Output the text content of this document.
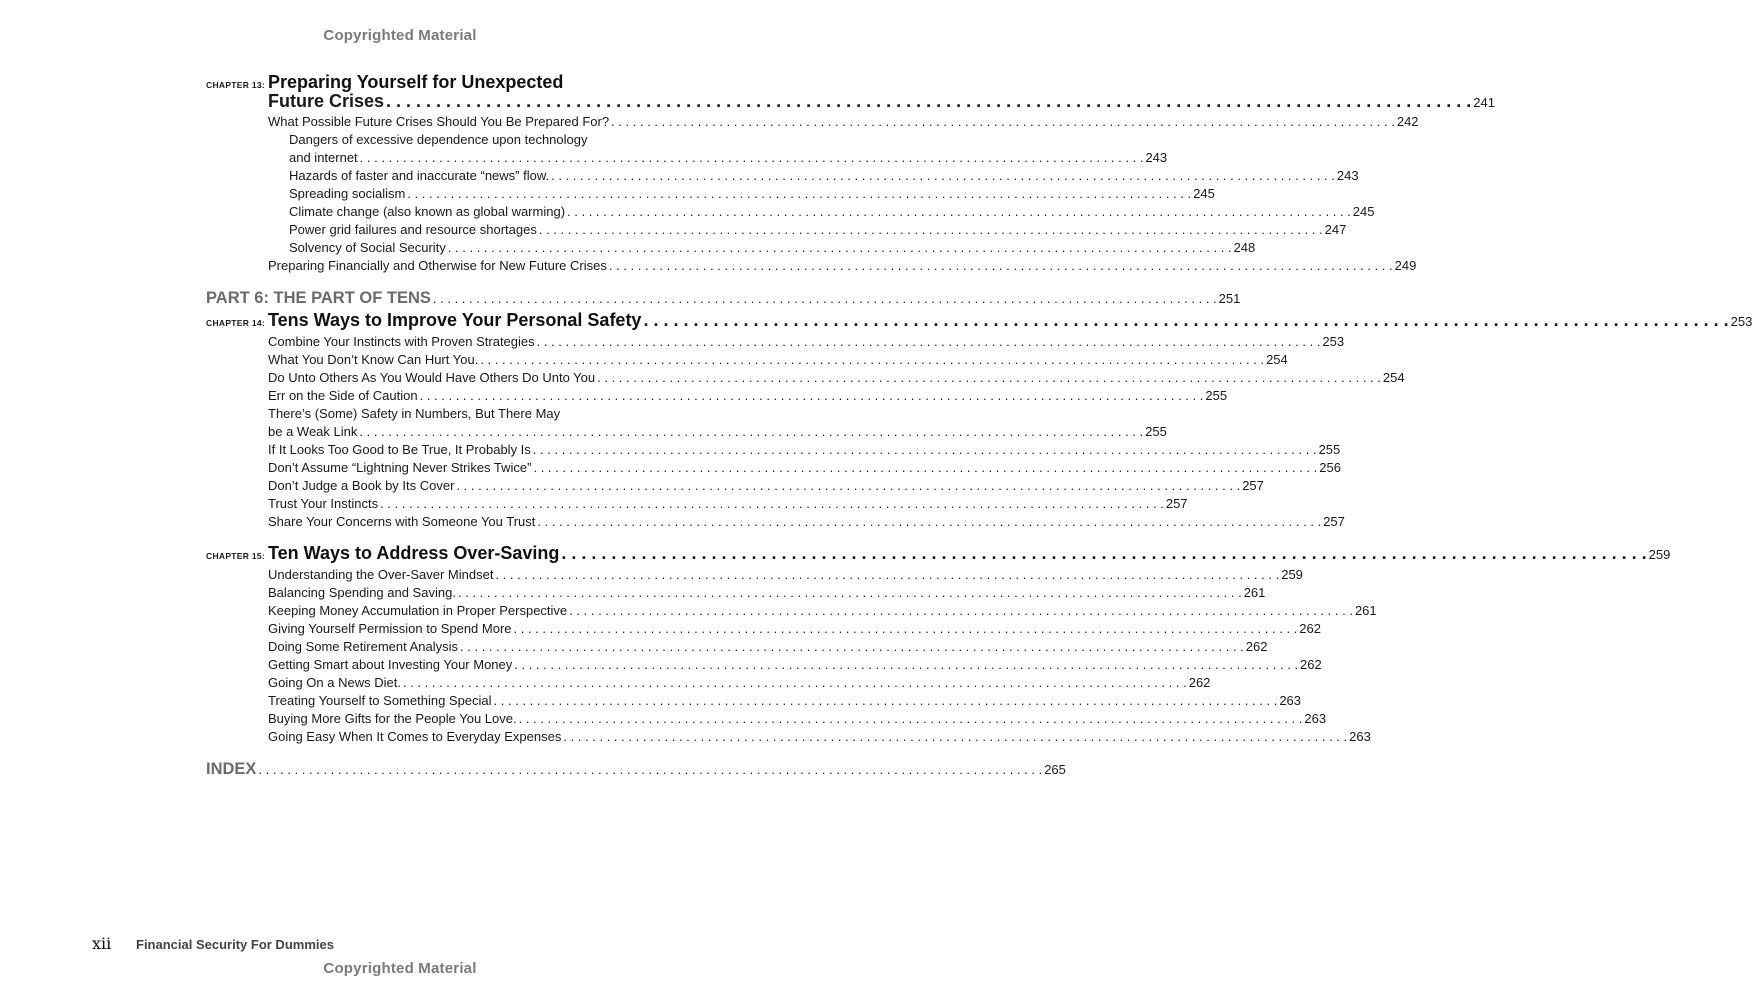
Copyrighted Material
CHAPTER 13: Preparing Yourself for Unexpected
Future Crises . . .	241
What Possible Future Crises Should You Be Prepared For? . . .	242
Dangers of excessive dependence upon technology
and internet . . .	243
Hazards of faster and inaccurate “news” flow. . . .	243
Spreading socialism . . .	245
Climate change (also known as global warming) . . .	245
Power grid failures and resource shortages . . .	247
Solvency of Social Security . . .	248
Preparing Financially and Otherwise for New Future Crises . . .	249
PART 6: THE PART OF TENS . . .	251
CHAPTER 14: Tens Ways to Improve Your Personal Safety . . .	253
Combine Your Instincts with Proven Strategies . . .	253
What You Don’t Know Can Hurt You. . . .	254
Do Unto Others As You Would Have Others Do Unto You . . .	254
Err on the Side of Caution . . .	255
There’s (Some) Safety in Numbers, But There May
be a Weak Link . . .	255
If It Looks Too Good to Be True, It Probably Is . . .	255
Don’t Assume “Lightning Never Strikes Twice” . . .	256
Don’t Judge a Book by Its Cover . . .	257
Trust Your Instincts . . .	257
Share Your Concerns with Someone You Trust . . .	257
CHAPTER 15: Ten Ways to Address Over-Saving . . .	259
Understanding the Over-Saver Mindset . . .	259
Balancing Spending and Saving. . . .	261
Keeping Money Accumulation in Proper Perspective . . .	261
Giving Yourself Permission to Spend More . . .	262
Doing Some Retirement Analysis . . .	262
Getting Smart about Investing Your Money . . .	262
Going On a News Diet. . . .	262
Treating Yourself to Something Special . . .	263
Buying More Gifts for the People You Love. . . .	263
Going Easy When It Comes to Everyday Expenses . . .	263
INDEX . . .	265
xii	Financial Security For Dummies
Copyrighted Material
